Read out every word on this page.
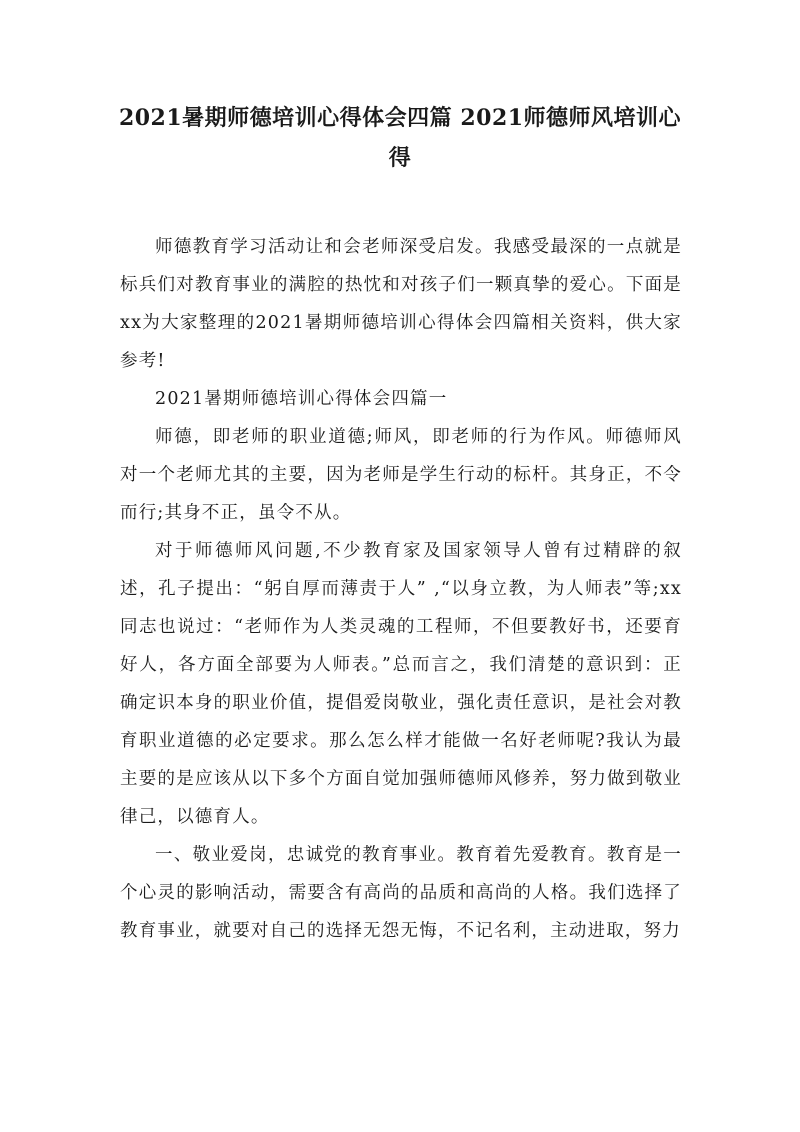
2021暑期师德培训心得体会四篇 2021师德师风培训心得

师德教育学习活动让和会老师深受启发。我感受最深的一点就是标兵们对教育事业的满腔的热忱和对孩子们一颗真挚的爱心。下面是xx为大家整理的2021暑期师德培训心得体会四篇相关资料，供大家参考!

2021暑期师德培训心得体会四篇一

师德，即老师的职业道德;师风，即老师的行为作风。师德师风对一个老师尤其的主要，因为老师是学生行动的标杆。其身正，不令而行;其身不正，虽令不从。

对于师德师风问题,不少教育家及国家领导人曾有过精辟的叙述，孔子提出：“躬自厚而薄责于人” ,“以身立教，为人师表”等;xx同志也说过：“老师作为人类灵魂的工程师，不但要教好书，还要育好人，各方面全部要为人师表。”总而言之，我们清楚的意识到：正确定识本身的职业价值，提倡爱岗敬业，强化责任意识，是社会对教育职业道德的必定要求。那么怎么样才能做一名好老师呢?我认为最主要的是应该从以下多个方面自觉加强师德师风修养，努力做到敬业律己，以德育人。

一、敬业爱岗，忠诚党的教育事业。教育着先爱教育。教育是一个心灵的影响活动，需要含有高尚的品质和高尚的人格。我们选择了教育事业，就要对自己的选择无怨无悔，不记名利，主动进取，努力
